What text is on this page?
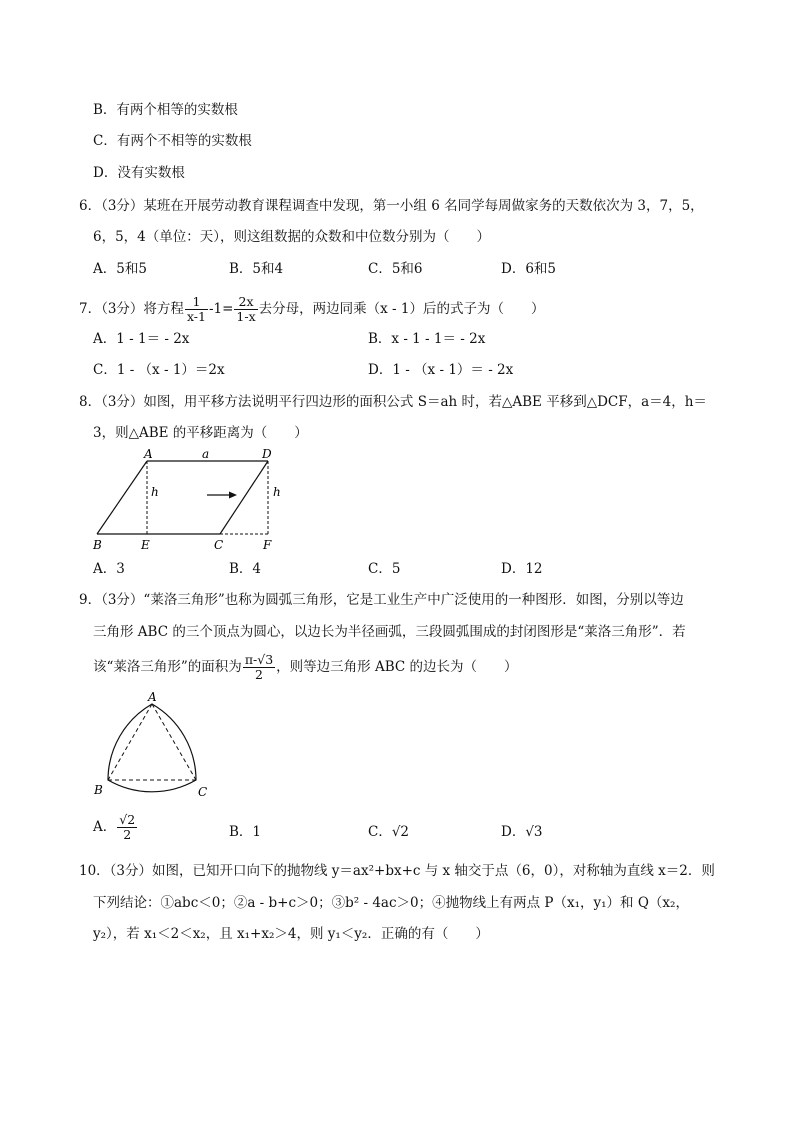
B．有两个相等的实数根
C．有两个不相等的实数根
D．没有实数根
6．（3分）某班在开展劳动教育课程调查中发现，第一小组 6 名同学每周做家务的天数依次为 3，7，5，
6，5，4（单位：天），则这组数据的众数和中位数分别为（　　）
A．5和5	B．5和4	C．5和6	D．6和5
7．（3分）将方程 $\frac{1}{x-1} -1= \frac{2x}{1-x}$ 去分母，两边同乘（x - 1）后的式子为（　　）
A．1 - 1＝ - 2x	B．x - 1 - 1＝ - 2x
C．1 - （x - 1）＝2x	D．1 - （x - 1）＝ - 2x
8．（3分）如图，用平移方法说明平行四边形的面积公式 S＝ah 时，若△ABE 平移到△DCF，a＝4，h＝
3，则△ABE 的平移距离为（　　）
A	D
a
h	h
B	E	C	F
A．3	B．4	C．5	D．12
9．（3分）“莱洛三角形”也称为圆弧三角形，它是工业生产中广泛使用的一种图形．如图，分别以等边
三角形 ABC 的三个顶点为圆心，以边长为半径画弧，三段圆弧围成的封闭图形是“莱洛三角形”．若
该“莱洛三角形”的面积为 $\frac{\pi-√3}{2}$ ，则等边三角形 ABC 的边长为（　　）
A
B	C
A． $\frac{√2}{2}$	B．1	C．√2	D．√3
10．（3分）如图，已知开口向下的抛物线 y＝ax²+bx+c 与 x 轴交于点（6，0），对称轴为直线 x＝2．则
下列结论：①abc＜0；②a - b+c＞0；③b² - 4ac＞0；④抛物线上有两点 P（x₁，y₁）和 Q（x₂，
y₂），若 x₁＜2＜x₂，且 x₁+x₂＞4，则 y₁＜y₂．正确的有（　　）
